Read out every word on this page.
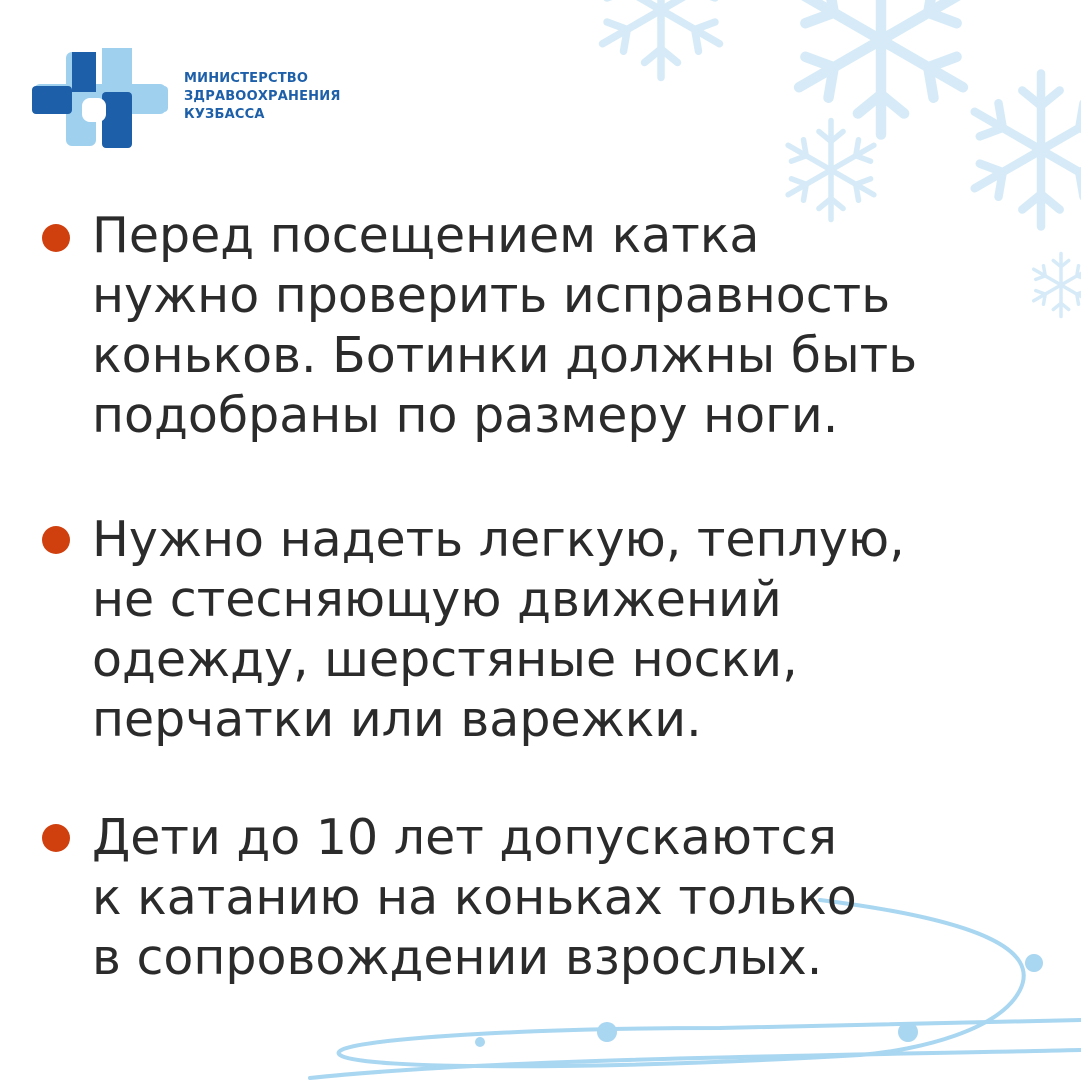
МИНИСТЕРСТВО
ЗДРАВООХРАНЕНИЯ
КУЗБАССА
Перед посещением катка
нужно проверить исправность
коньков. Ботинки должны быть
подобраны по размеру ноги.
Нужно надеть легкую, теплую,
не стесняющую движений
одежду, шерстяные носки,
перчатки или варежки.
Дети до 10 лет допускаются
к катанию на коньках только
в сопровождении взрослых.
